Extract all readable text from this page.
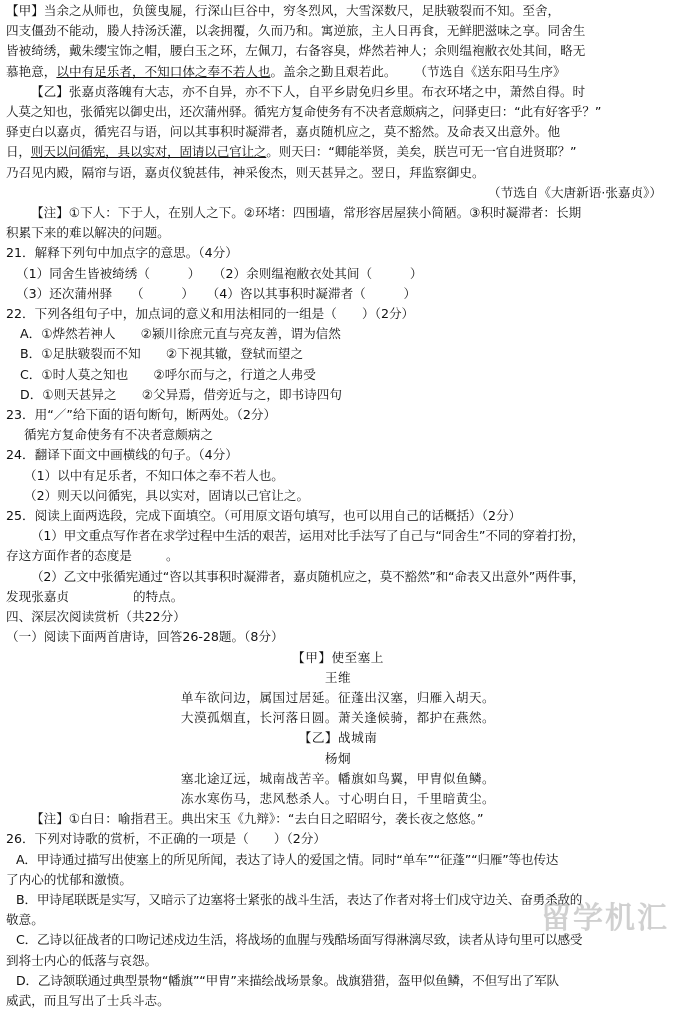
【甲】当余之从师也，负箧曳屣，行深山巨谷中，穷冬烈风，大雪深数尺，足肤皲裂而不知。至舍，

四支僵劲不能动，媵人持汤沃灌，以衾拥覆，久而乃和。寓逆旅，主人日再食，无鲜肥滋味之享。同舍生

皆被绮绣，戴朱缨宝饰之帽，腰白玉之环，左佩刀，右备容臭，烨然若神人；余则缊袍敝衣处其间，略无

慕艳意，以中有足乐者，不知口体之奉不若人也。盖余之勤且艰若此。 （节选自《送东阳马生序》

【乙】张嘉贞落魄有大志，亦不自异，亦不下人，自平乡尉免归乡里。布衣环堵之中，萧然自得。时

人莫之知也，张循宪以御史出，还次蒲州驿。循宪方复命使务有不决者意颇病之，问驿吏曰：“此有好客乎？”

驿吏白以嘉贞，循宪召与语，问以其事积时凝滞者，嘉贞随机应之，莫不豁然。及命表又出意外。他

日，则天以问循宪，具以实对，固请以己官让之。则天曰：“卿能举贤，美矣，朕岂可无一官自进贤耶？”

乃召见内殿，隔帘与语，嘉贞仪貌甚伟，神采俊杰，则天甚异之。翌日，拜监察御史。

（节选自《大唐新语·张嘉贞》）

【注】①下人：下于人，在别人之下。②环堵：四围墙，常形容居屋狭小简陋。③积时凝滞者：长期

积累下来的难以解决的问题。

21．解释下列句中加点字的意思。（4分）

（1）同舍生皆被绮绣（　　　）　　（2）余则缊袍敝衣处其间（　　　）

（3）还次蒲州驿　　（　　　）　　（4）咨以其事积时凝滞者（　　　）

22．下列各组句子中，加点词的意义和用法相同的一组是（　　）（2分）

A．①烨然若神人　　②颍川徐庶元直与亮友善，谓为信然

B．①足肤皲裂而不知　　②下视其辙，登轼而望之

C．①时人莫之知也　　②呼尔而与之，行道之人弗受

D．①则天甚异之　　②父异焉，借旁近与之，即书诗四句

23．用“／”给下面的语句断句，断两处。（2分）

循宪方复命使务有不决者意颇病之

24．翻译下面文中画横线的句子。（4分）

（1）以中有足乐者，不知口体之奉不若人也。

（2）则天以问循宪，具以实对，固请以己官让之。

25．阅读上面两选段，完成下面填空。（可用原文语句填写，也可以用自己的话概括）（2分）

（1）甲文重点写作者在求学过程中生活的艰苦，运用对比手法写了自己与“同舍生”不同的穿着打扮，

存这方面作者的态度是	。

（2）乙文中张循宪通过“咨以其事积时凝滞者，嘉贞随机应之，莫不豁然”和“命表又出意外”两件事，

发现张嘉贞	的特点。

四、深层次阅读赏析（共22分）

（一）阅读下面两首唐诗，回答26-28题。（8分）

【甲】使至塞上

王维

单车欲问边，属国过居延。征蓬出汉塞，归雁入胡天。

大漠孤烟直，长河落日圆。萧关逢候骑，都护在燕然。

【乙】战城南

杨炯

塞北途辽远，城南战苦辛。幡旗如鸟翼，甲胄似鱼鳞。

冻水寒伤马，悲风愁杀人。寸心明白日，千里暗黄尘。

【注】①白日：喻指君王。典出宋玉《九辩》：“去白日之昭昭兮，袭长夜之悠悠。”

26．下列对诗歌的赏析，不正确的一项是（　　）（2分）

A．甲诗通过描写出使塞上的所见所闻，表达了诗人的爱国之情。同时“单车”“征蓬”“归雁”等也传达

了内心的忧郁和激愤。

B．甲诗尾联既是实写，又暗示了边塞将士紧张的战斗生活，表达了作者对将士们戍守边关、奋勇杀敌的

敬意。

C．乙诗以征战者的口吻记述戍边生活，将战场的血腥与残酷场面写得淋漓尽致，读者从诗句里可以感受

到将士内心的低落与哀怨。

D．乙诗颔联通过典型景物“幡旗”“甲胄”来描绘战场景象。战旗猎猎，盔甲似鱼鳞，不但写出了军队

威武，而且写出了士兵斗志。

留学机汇
